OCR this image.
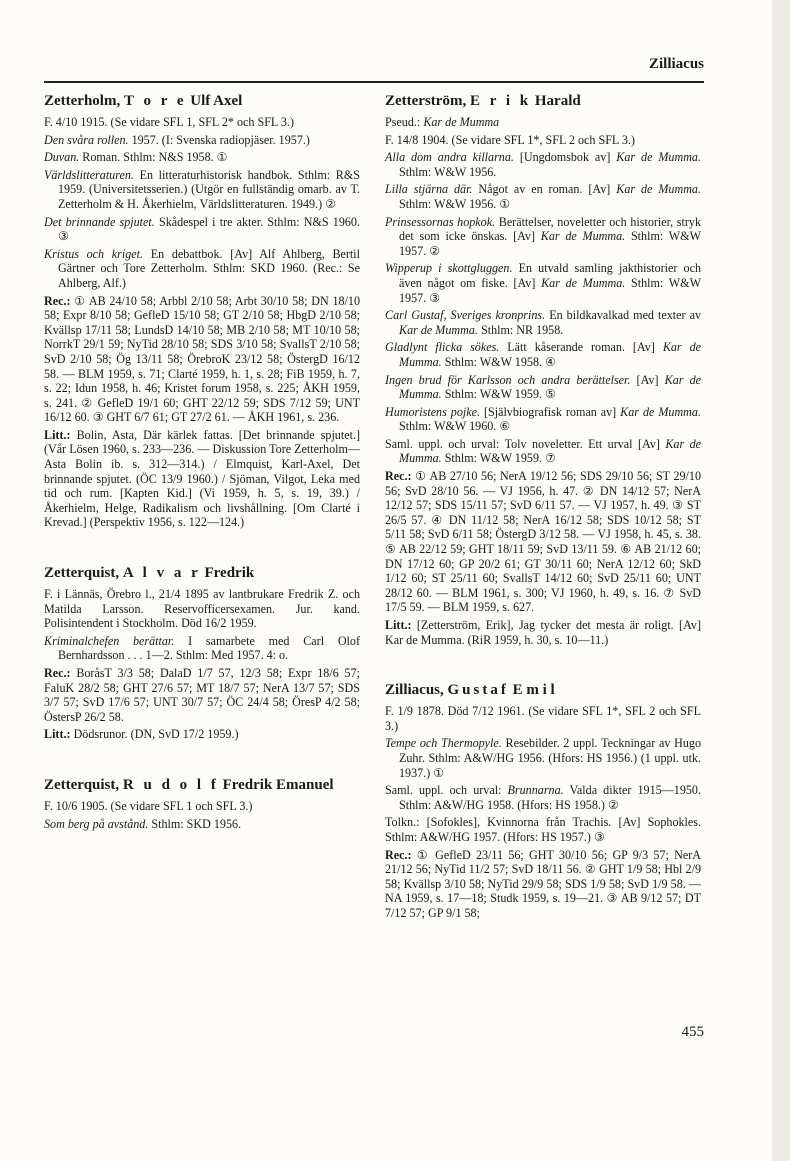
Zilliacus
Zetterholm, T o r e Ulf Axel
F. 4/10 1915. (Se vidare SFL 1, SFL 2* och SFL 3.)
Den svåra rollen. 1957. (I: Svenska radiopjäser. 1957.)
Duvan. Roman. Sthlm: N&S 1958. ①
Världslitteraturen. En litteraturhistorisk handbok. Sthlm: R&S 1959. (Universitetsserien.) (Utgör en fullständig omarb. av T. Zetterholm & H. Åkerhielm, Världslitteraturen. 1949.) ②
Det brinnande spjutet. Skådespel i tre akter. Sthlm: N&S 1960. ③
Kristus och kriget. En debattbok. [Av] Alf Ahlberg, Bertil Gärtner och Tore Zetterholm. Sthlm: SKD 1960. (Rec.: Se Ahlberg, Alf.)
Rec.: ① AB 24/10 58; Arbbl 2/10 58; Arbt 30/10 58; DN 18/10 58; Expr 8/10 58; GefleD 15/10 58; GT 2/10 58; HbgD 2/10 58; Kvällsp 17/11 58; LundsD 14/10 58; MB 2/10 58; MT 10/10 58; NorrkT 29/1 59; NyTid 28/10 58; SDS 3/10 58; SvallsT 2/10 58; SvD 2/10 58; Ög 13/11 58; ÖrebroK 23/12 58; ÖstergD 16/12 58. — BLM 1959, s. 71; Clarté 1959, h. 1, s. 28; FiB 1959, h. 7, s. 22; Idun 1958, h. 46; Kristet forum 1958, s. 225; ÅKH 1959, s. 241. ② GefleD 19/1 60; GHT 22/12 59; SDS 7/12 59; UNT 16/12 60. ③ GHT 6/7 61; GT 27/2 61. — ÅKH 1961, s. 236.
Litt.: Bolin, Asta, Där kärlek fattas. [Det brinnande spjutet.] (Vår Lösen 1960, s. 233—236. — Diskussion Tore Zetterholm—Asta Bolin ib. s. 312—314.) / Elmquist, Karl-Axel, Det brinnande spjutet. (ÖC 13/9 1960.) / Sjöman, Vilgot, Leka med tid och rum. [Kapten Kid.] (Vi 1959, h. 5, s. 19, 39.) / Åkerhielm, Helge, Radikalism och livshållning. [Om Clarté i Krevad.] (Perspektiv 1956, s. 122—124.)
Zetterquist, A l v a r Fredrik
F. i Lännäs, Örebro l., 21/4 1895 av lantbrukare Fredrik Z. och Matilda Larsson. Reservofficersexamen. Jur. kand. Polisintendent i Stockholm. Död 16/2 1959.
Kriminalchefen berättar. I samarbete med Carl Olof Bernhardsson . . . 1—2. Sthlm: Med 1957. 4: o.
Rec.: BoråsT 3/3 58; DalaD 1/7 57, 12/3 58; Expr 18/6 57; FaluK 28/2 58; GHT 27/6 57; MT 18/7 57; NerA 13/7 57; SDS 3/7 57; SvD 17/6 57; UNT 30/7 57; ÖC 24/4 58; ÖresP 4/2 58; ÖstersP 26/2 58.
Litt.: Dödsrunor. (DN, SvD 17/2 1959.)
Zetterquist, R u d o l f Fredrik Emanuel
F. 10/6 1905. (Se vidare SFL 1 och SFL 3.)
Som berg på avstånd. Sthlm: SKD 1956.
Zetterström, E r i k Harald
Pseud.: Kar de Mumma
F. 14/8 1904. (Se vidare SFL 1*, SFL 2 och SFL 3.)
Alla dom andra killarna. [Ungdomsbok av] Kar de Mumma. Sthlm: W&W 1956.
Lilla stjärna där. Något av en roman. [Av] Kar de Mumma. Sthlm: W&W 1956. ①
Prinsessornas hopkok. Berättelser, noveletter och historier, stryk det som icke önskas. [Av] Kar de Mumma. Sthlm: W&W 1957. ②
Wipperup i skottgluggen. En utvald samling jakthistorier och även något om fiske. [Av] Kar de Mumma. Sthlm: W&W 1957. ③
Carl Gustaf, Sveriges kronprins. En bildkavalkad med texter av Kar de Mumma. Sthlm: NR 1958.
Gladlynt flicka sökes. Lätt kåserande roman. [Av] Kar de Mumma. Sthlm: W&W 1958. ④
Ingen brud för Karlsson och andra berättelser. [Av] Kar de Mumma. Sthlm: W&W 1959. ⑤
Humoristens pojke. [Självbiografisk roman av] Kar de Mumma. Sthlm: W&W 1960. ⑥
Saml. uppl. och urval: Tolv noveletter. Ett urval [Av] Kar de Mumma. Sthlm: W&W 1959. ⑦
Rec.: ① AB 27/10 56; NerA 19/12 56; SDS 29/10 56; ST 29/10 56; SvD 28/10 56. — VJ 1956, h. 47. ② DN 14/12 57; NerA 12/12 57; SDS 15/11 57; SvD 6/11 57. — VJ 1957, h. 49. ③ ST 26/5 57. ④ DN 11/12 58; NerA 16/12 58; SDS 10/12 58; ST 5/11 58; SvD 6/11 58; ÖstergD 3/12 58. — VJ 1958, h. 45, s. 38. ⑤ AB 22/12 59; GHT 18/11 59; SvD 13/11 59. ⑥ AB 21/12 60; DN 17/12 60; GP 20/2 61; GT 30/11 60; NerA 12/12 60; SkD 1/12 60; ST 25/11 60; SvallsT 14/12 60; SvD 25/11 60; UNT 28/12 60. — BLM 1961, s. 300; VJ 1960, h. 49, s. 16. ⑦ SvD 17/5 59. — BLM 1959, s. 627.
Litt.: [Zetterström, Erik], Jag tycker det mesta är roligt. [Av] Kar de Mumma. (RiR 1959, h. 30, s. 10—11.)
Zilliacus, Gustaf E m i l
F. 1/9 1878. Död 7/12 1961. (Se vidare SFL 1*, SFL 2 och SFL 3.)
Tempe och Thermopyle. Resebilder. 2 uppl. Teckningar av Hugo Zuhr. Sthlm: A&W/HG 1956. (Hfors: HS 1956.) (1 uppl. utk. 1937.) ①
Saml. uppl. och urval: Brunnarna. Valda dikter 1915—1950. Sthlm: A&W/HG 1958. (Hfors: HS 1958.) ②
Tolkn.: [Sofokles], Kvinnorna från Trachis. [Av] Sophokles. Sthlm: A&W/HG 1957. (Hfors: HS 1957.) ③
Rec.: ① GefleD 23/11 56; GHT 30/10 56; GP 9/3 57; NerA 21/12 56; NyTid 11/2 57; SvD 18/11 56. ② GHT 1/9 58; Hbl 2/9 58; Kvällsp 3/10 58; NyTid 29/9 58; SDS 1/9 58; SvD 1/9 58. — NA 1959, s. 17—18; Studk 1959, s. 19—21. ③ AB 9/12 57; DT 7/12 57; GP 9/1 58;
455
